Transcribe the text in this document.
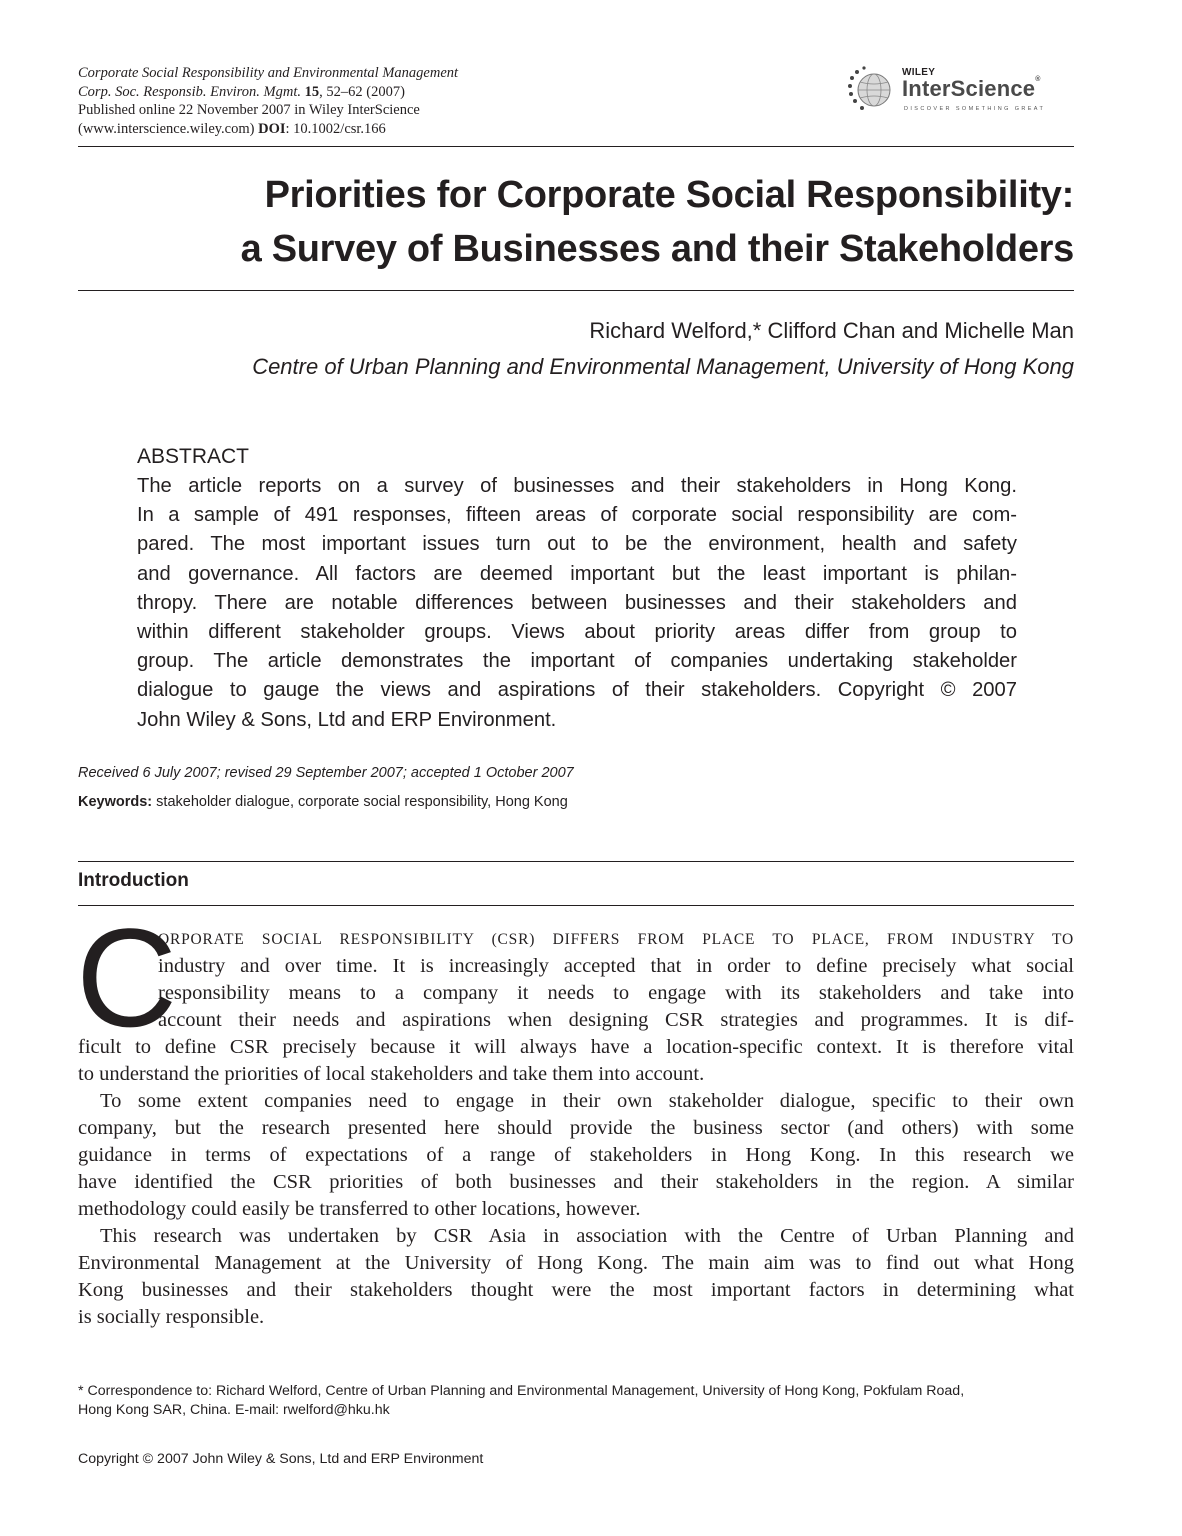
Corporate Social Responsibility and Environmental Management
Corp. Soc. Responsib. Environ. Mgmt. 15, 52–62 (2007)
Published online 22 November 2007 in Wiley InterScience
(www.interscience.wiley.com) DOI: 10.1002/csr.166
WILEY
InterScience®
DISCOVER SOMETHING GREAT
Priorities for Corporate Social Responsibility:
a Survey of Businesses and their Stakeholders
Richard Welford,* Clifford Chan and Michelle Man
Centre of Urban Planning and Environmental Management, University of Hong Kong
ABSTRACT
The article reports on a survey of businesses and their stakeholders in Hong Kong.
In a sample of 491 responses, fifteen areas of corporate social responsibility are com-
pared. The most important issues turn out to be the environment, health and safety
and governance. All factors are deemed important but the least important is philan-
thropy. There are notable differences between businesses and their stakeholders and
within different stakeholder groups. Views about priority areas differ from group to
group. The article demonstrates the important of companies undertaking stakeholder
dialogue to gauge the views and aspirations of their stakeholders. Copyright © 2007
John Wiley & Sons, Ltd and ERP Environment.
Received 6 July 2007; revised 29 September 2007; accepted 1 October 2007
Keywords: stakeholder dialogue, corporate social responsibility, Hong Kong
Introduction
C
ORPORATE SOCIAL RESPONSIBILITY (CSR) DIFFERS FROM PLACE TO PLACE, FROM INDUSTRY TO
industry and over time. It is increasingly accepted that in order to define precisely what social
responsibility means to a company it needs to engage with its stakeholders and take into
account their needs and aspirations when designing CSR strategies and programmes. It is dif-
ficult to define CSR precisely because it will always have a location-specific context. It is therefore vital
to understand the priorities of local stakeholders and take them into account.
To some extent companies need to engage in their own stakeholder dialogue, specific to their own
company, but the research presented here should provide the business sector (and others) with some
guidance in terms of expectations of a range of stakeholders in Hong Kong. In this research we
have identified the CSR priorities of both businesses and their stakeholders in the region. A similar
methodology could easily be transferred to other locations, however.
This research was undertaken by CSR Asia in association with the Centre of Urban Planning and
Environmental Management at the University of Hong Kong. The main aim was to find out what Hong
Kong businesses and their stakeholders thought were the most important factors in determining what
is socially responsible.
* Correspondence to: Richard Welford, Centre of Urban Planning and Environmental Management, University of Hong Kong, Pokfulam Road,
Hong Kong SAR, China. E-mail: rwelford@hku.hk
Copyright © 2007 John Wiley & Sons, Ltd and ERP Environment
